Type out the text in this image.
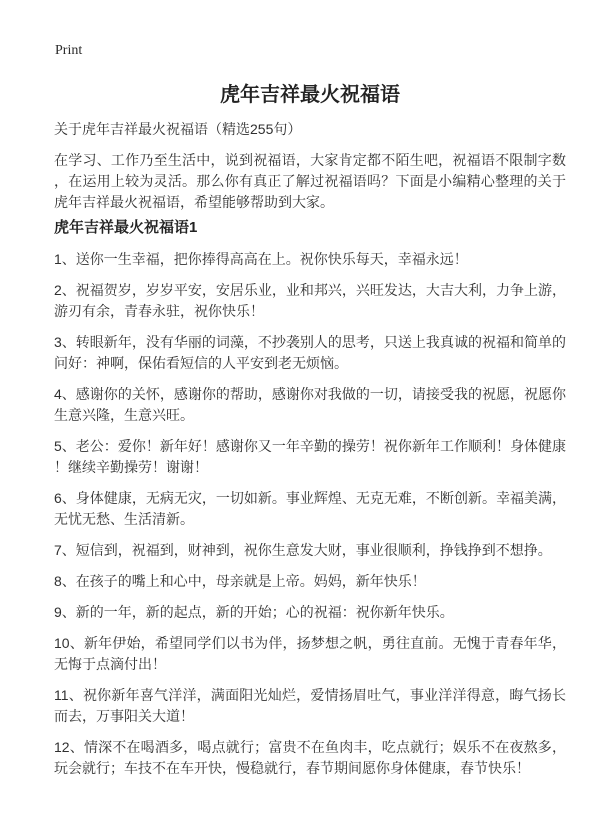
Print
虎年吉祥最火祝福语
关于虎年吉祥最火祝福语（精选255句）

在学习、工作乃至生活中，说到祝福语，大家肯定都不陌生吧，祝福语不限制字数，在运用上较为灵活。那么你有真正了解过祝福语吗？下面是小编精心整理的关于虎年吉祥最火祝福语，希望能够帮助到大家。

虎年吉祥最火祝福语1

1、送你一生幸福，把你捧得高高在上。祝你快乐每天，幸福永远！

2、祝福贺岁，岁岁平安，安居乐业，业和邦兴，兴旺发达，大吉大利，力争上游，游刃有余，青春永驻，祝你快乐！

3、转眼新年，没有华丽的词藻，不抄袭别人的思考，只送上我真诚的祝福和简单的问好：神啊，保佑看短信的人平安到老无烦恼。

4、感谢你的关怀，感谢你的帮助，感谢你对我做的一切，请接受我的祝愿，祝愿你生意兴隆，生意兴旺。

5、老公：爱你！新年好！感谢你又一年辛勤的操劳！祝你新年工作顺利！身体健康！继续辛勤操劳！谢谢！

6、身体健康，无病无灾，一切如新。事业辉煌、无克无难，不断创新。幸福美满，无忧无愁、生活清新。

7、短信到，祝福到，财神到，祝你生意发大财，事业很顺利，挣钱挣到不想挣。

8、在孩子的嘴上和心中，母亲就是上帝。妈妈，新年快乐！

9、新的一年，新的起点，新的开始；心的祝福：祝你新年快乐。

10、新年伊始，希望同学们以书为伴，扬梦想之帆，勇往直前。无愧于青春年华，无悔于点滴付出！

11、祝你新年喜气洋洋，满面阳光灿烂，爱情扬眉吐气，事业洋洋得意，晦气扬长而去，万事阳关大道！

12、情深不在喝酒多，喝点就行；富贵不在鱼肉丰，吃点就行；娱乐不在夜熬多，玩会就行；车技不在车开快，慢稳就行，春节期间愿你身体健康，春节快乐！
